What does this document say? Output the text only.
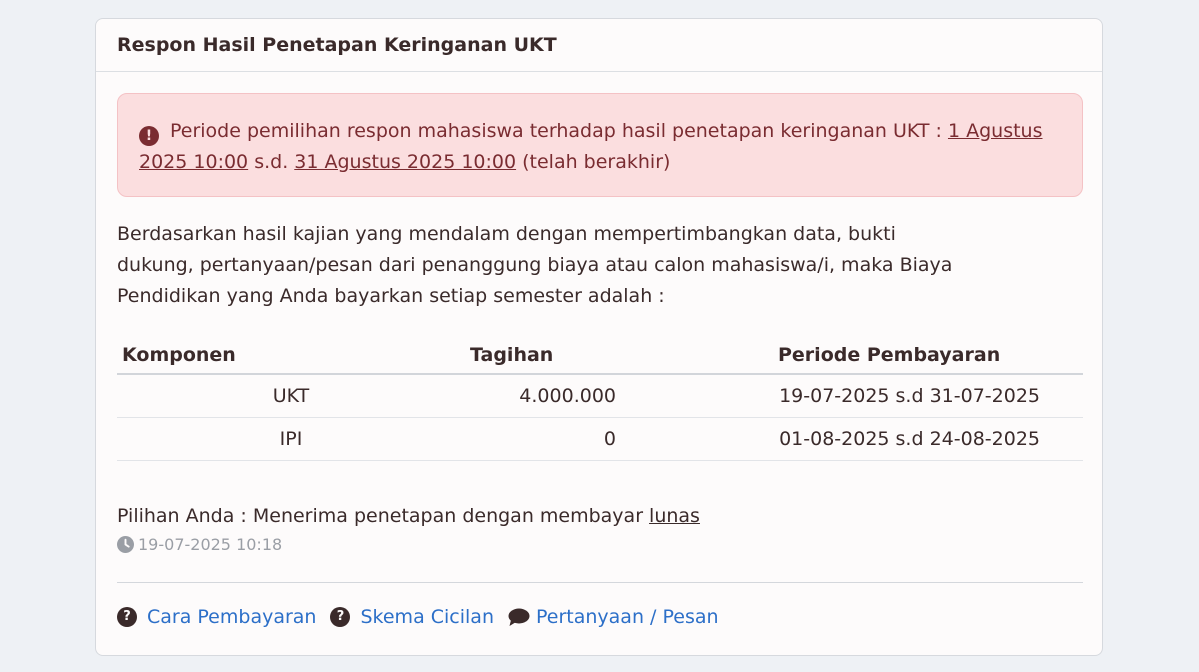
Respon Hasil Penetapan Keringanan UKT
! Periode pemilihan respon mahasiswa terhadap hasil penetapan keringanan UKT : 1 Agustus 2025 10:00 s.d. 31 Agustus 2025 10:00 (telah berakhir)
Berdasarkan hasil kajian yang mendalam dengan mempertimbangkan data, bukti dukung, pertanyaan/pesan dari penanggung biaya atau calon mahasiswa/i, maka Biaya Pendidikan yang Anda bayarkan setiap semester adalah :
Komponen	Tagihan	Periode Pembayaran
UKT	4.000.000	19-07-2025 s.d 31-07-2025
IPI	0	01-08-2025 s.d 24-08-2025
Pilihan Anda : Menerima penetapan dengan membayar lunas
19-07-2025 10:18
? Cara Pembayaran	? Skema Cicilan Pertanyaan / Pesan
